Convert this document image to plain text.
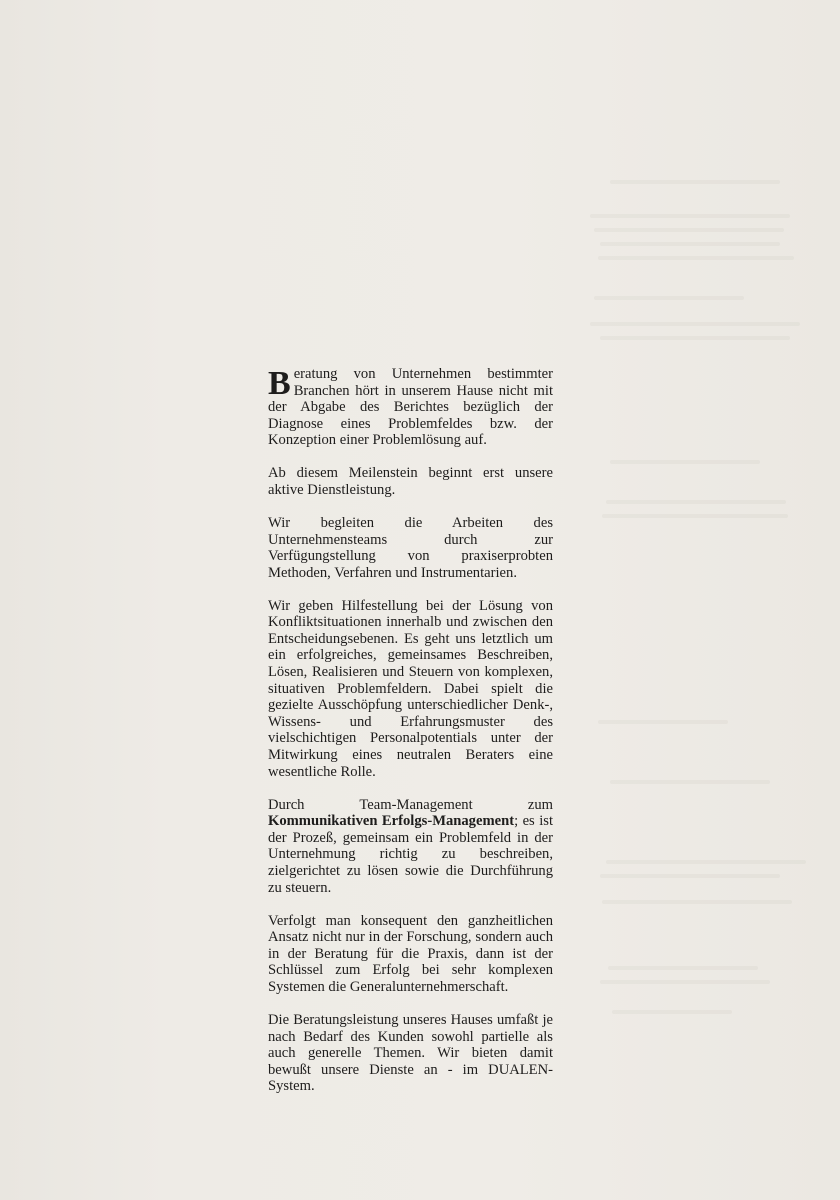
B eratung von Unternehmen bestimmter Branchen hört in unserem Hause nicht mit der Abgabe des Berichtes bezüglich der Diagnose eines Problemfeldes bzw. der Konzeption einer Problemlösung auf.

Ab diesem Meilenstein beginnt erst unsere aktive Dienstleistung.

Wir begleiten die Arbeiten des Unternehmensteams durch zur Verfügungstellung von praxiserprobten Methoden, Verfahren und Instrumentarien.

Wir geben Hilfestellung bei der Lösung von Konfliktsituationen innerhalb und zwischen den Entscheidungsebenen. Es geht uns letztlich um ein erfolgreiches, gemeinsames Beschreiben, Lösen, Realisieren und Steuern von komplexen, situativen Problemfeldern. Dabei spielt die gezielte Ausschöpfung unterschiedlicher Denk-, Wissens- und Erfahrungsmuster des vielschichtigen Personalpotentials unter der Mitwirkung eines neutralen Beraters eine wesentliche Rolle.

Durch Team-Management zum Kommunikativen Erfolgs-Management; es ist der Prozeß, gemeinsam ein Problemfeld in der Unternehmung richtig zu beschreiben, zielgerichtet zu lösen sowie die Durchführung zu steuern.

Verfolgt man konsequent den ganzheitlichen Ansatz nicht nur in der Forschung, sondern auch in der Beratung für die Praxis, dann ist der Schlüssel zum Erfolg bei sehr komplexen Systemen die Generalunternehmerschaft.

Die Beratungsleistung unseres Hauses umfaßt je nach Bedarf des Kunden sowohl partielle als auch generelle Themen. Wir bieten damit bewußt unsere Dienste an - im DUALEN-System.
